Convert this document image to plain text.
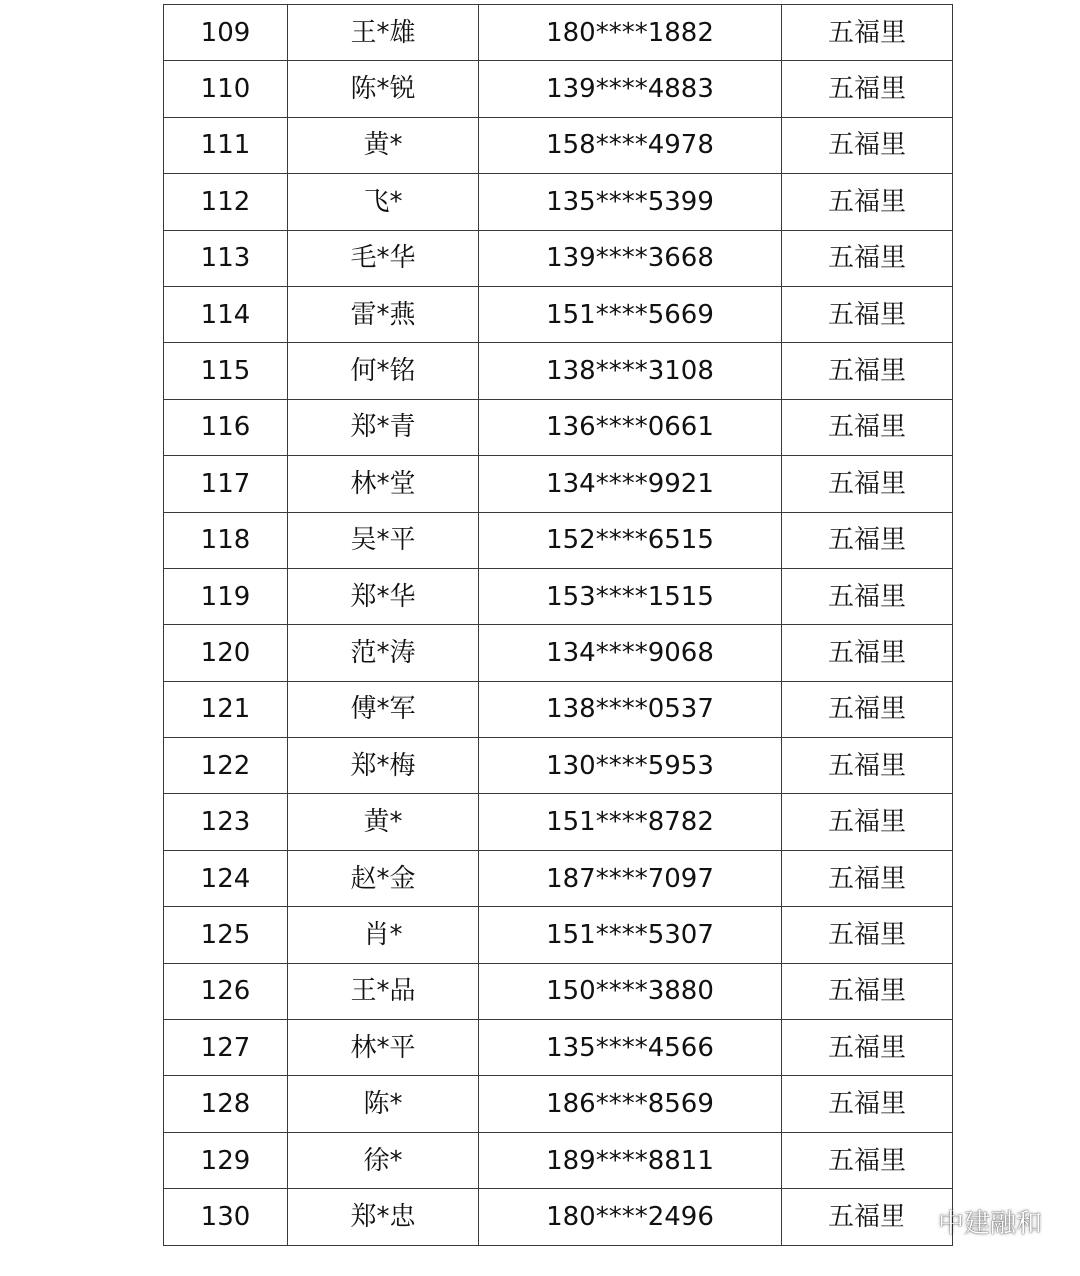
109	王*雄	180****1882	五福里
110	陈*锐	139****4883	五福里
111	黄*	158****4978	五福里
112	飞*	135****5399	五福里
113	毛*华	139****3668	五福里
114	雷*燕	151****5669	五福里
115	何*铭	138****3108	五福里
116	郑*青	136****0661	五福里
117	林*堂	134****9921	五福里
118	吴*平	152****6515	五福里
119	郑*华	153****1515	五福里
120	范*涛	134****9068	五福里
121	傅*军	138****0537	五福里
122	郑*梅	130****5953	五福里
123	黄*	151****8782	五福里
124	赵*金	187****7097	五福里
125	肖*	151****5307	五福里
126	王*品	150****3880	五福里
127	林*平	135****4566	五福里
128	陈*	186****8569	五福里
129	徐*	189****8811	五福里
130	郑*忠	180****2496	五福里 中建融和
